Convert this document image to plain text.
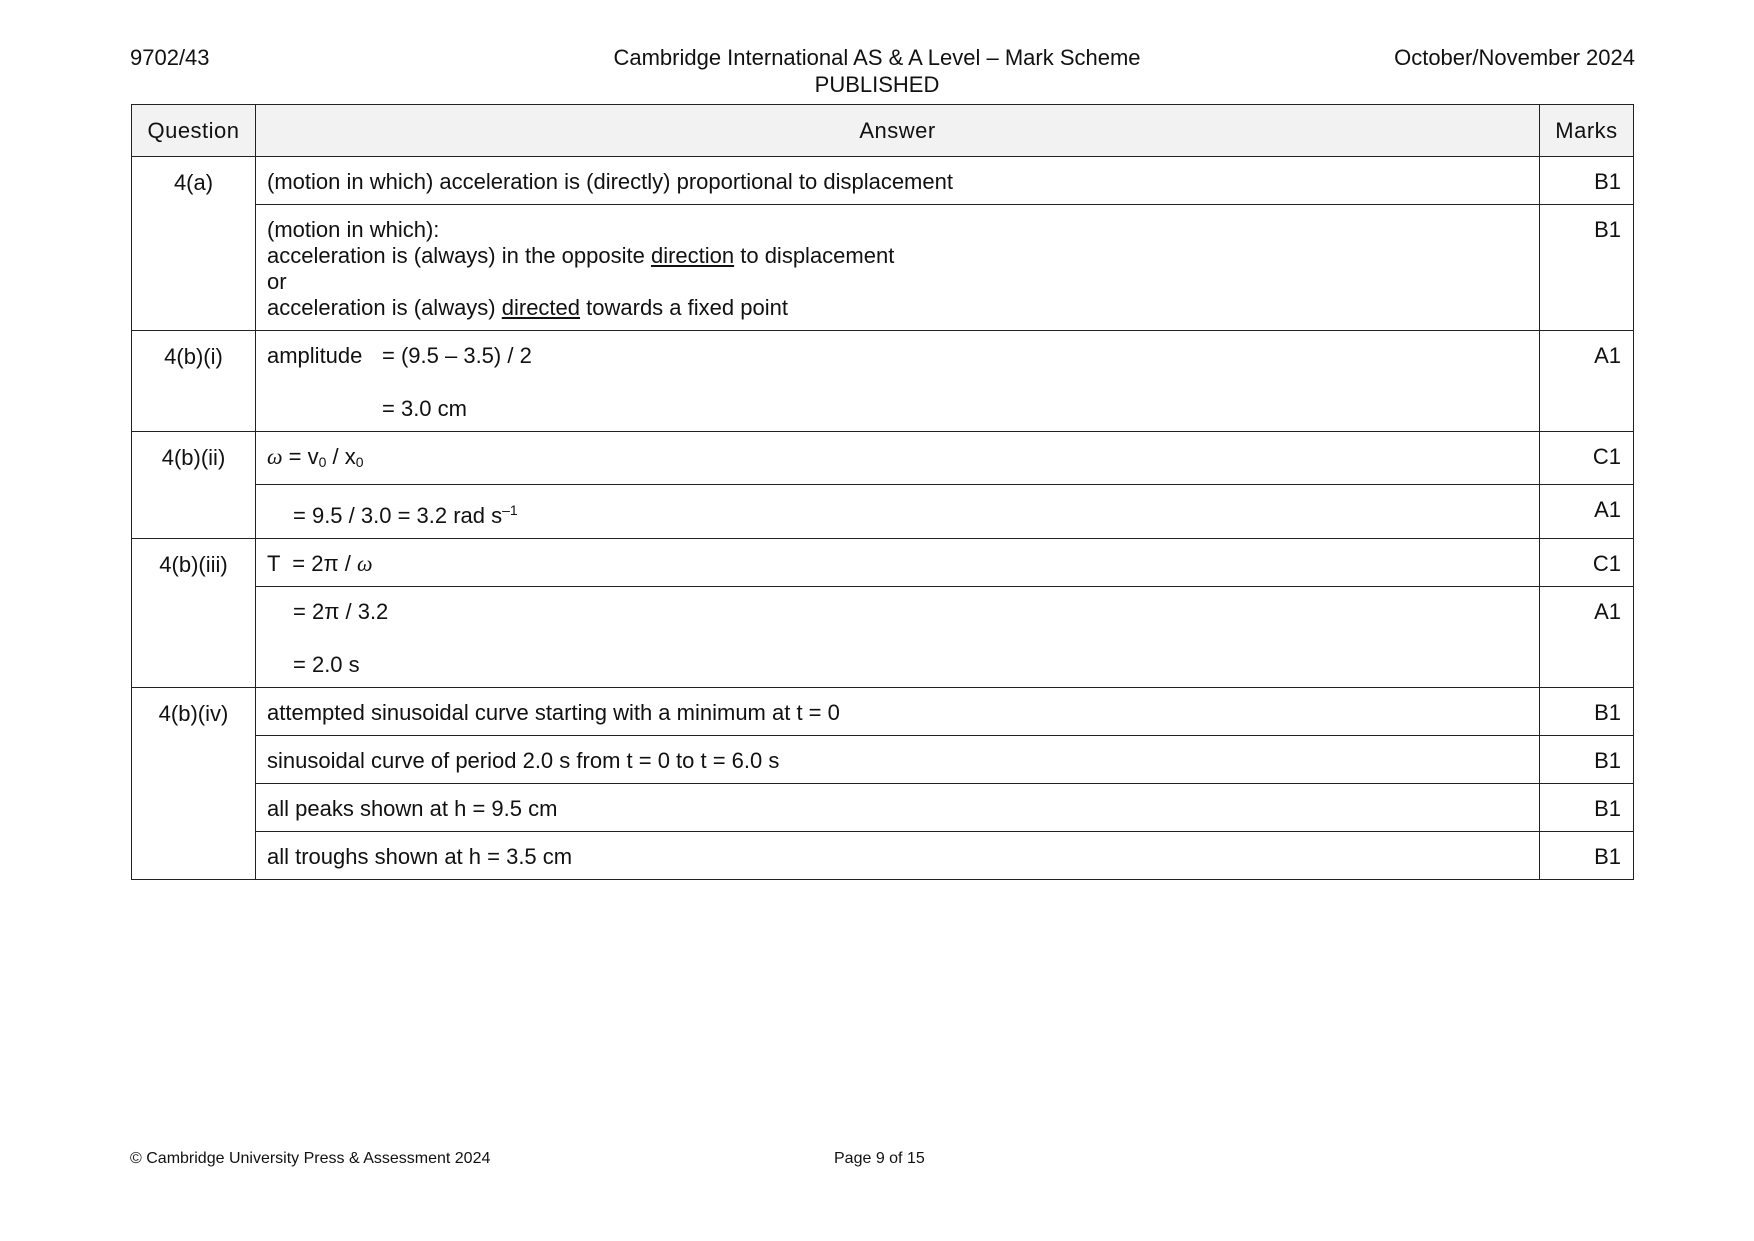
9702/43	Cambridge International AS & A Level – Mark Scheme
PUBLISHED
October/November 2024
Question	Answer	Marks
4(a)	(motion in which) acceleration is (directly) proportional to displacement	B1

	(motion in which):
acceleration is (always) in the opposite direction to displacement
or
acceleration is (always) directed towards a fixed point	B1
4(b)(i)	amplitude = (9.5 – 3.5) / 2
= 3.0 cm	A1
4(b)(ii)	$\omega = v_0 / x_0$	C1
	= 9.5 / 3.0 = 3.2 rad $s^{-1}$	A1
4(b)(iii)	T  = 2π / ω	C1

	= 2π / 3.2
= 2.0 s	A1
4(b)(iv)	attempted sinusoidal curve starting with a minimum at t = 0	B1
	sinusoidal curve of period 2.0 s from t = 0 to t = 6.0 s	B1
	all peaks shown at h = 9.5 cm	B1
	all troughs shown at h = 3.5 cm	B1
© Cambridge University Press & Assessment 2024	Page 9 of 15
